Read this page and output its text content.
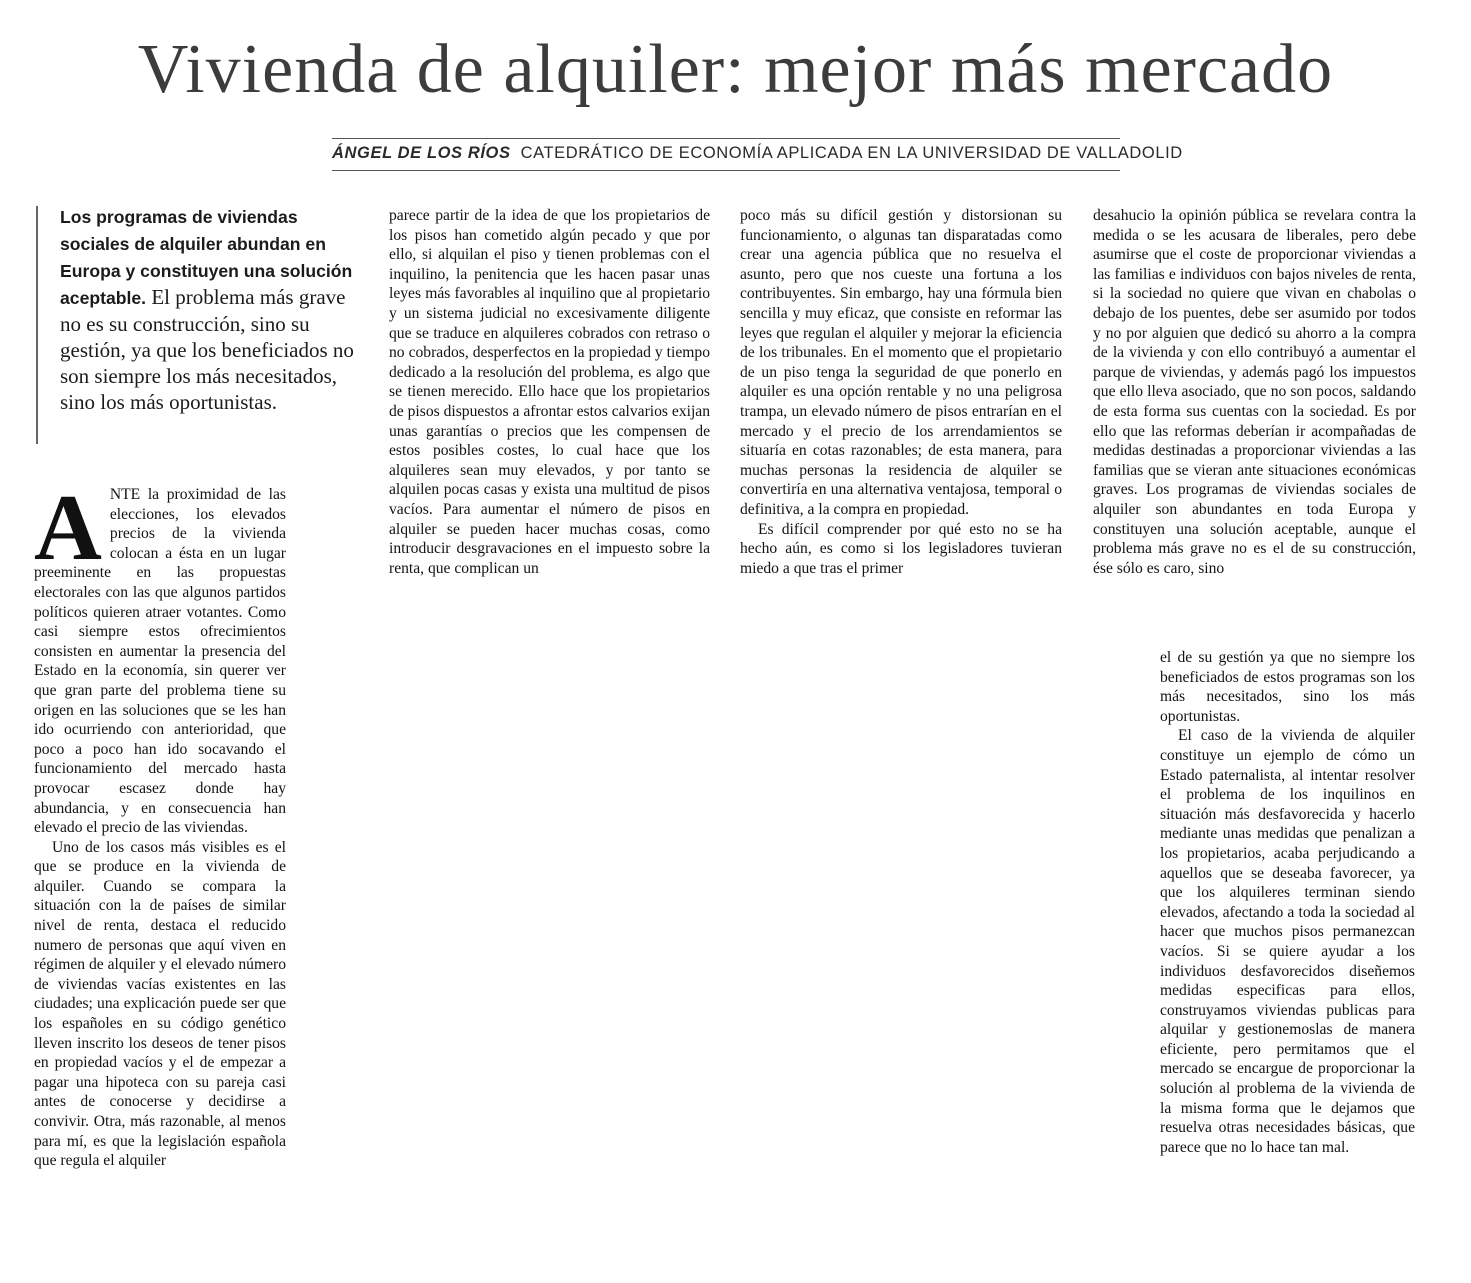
Vivienda de alquiler: mejor más mercado
ÁNGEL DE LOS RÍOS CATEDRÁTICO DE ECONOMÍA APLICADA EN LA UNIVERSIDAD DE VALLADOLID
Los programas de viviendas sociales de alquiler abundan en Europa y constituyen una solución aceptable. El problema más grave no es su construcción, sino su gestión, ya que los beneficiados no son siempre los más necesitados, sino los más oportunistas.

ANTE la proximidad de las elecciones, los elevados precios de la vivienda colocan a ésta en un lugar preeminente en las propuestas electorales con las que algunos partidos políticos quieren atraer votantes. Como casi siempre estos ofrecimientos consisten en aumentar la presencia del Estado en la economía, sin querer ver que gran parte del problema tiene su origen en las soluciones que se les han ido ocurriendo con anterioridad, que poco a poco han ido socavando el funcionamiento del mercado hasta provocar escasez donde hay abundancia, y en consecuencia han elevado el precio de las viviendas.

Uno de los casos más visibles es el que se produce en la vivienda de alquiler. Cuando se compara la situación con la de países de similar nivel de renta, destaca el reducido numero de personas que aquí viven en régimen de alquiler y el elevado número de viviendas vacías existentes en las ciudades; una explicación puede ser que los españoles en su código genético lleven inscrito los deseos de tener pisos en propiedad vacíos y el de empezar a pagar una hipoteca con su pareja casi antes de conocerse y decidirse a convivir. Otra, más razonable, al menos para mí, es que la legislación española que regula el alquiler

parece partir de la idea de que los propietarios de los pisos han cometido algún pecado y que por ello, si alquilan el piso y tienen problemas con el inquilino, la penitencia que les hacen pasar unas leyes más favorables al inquilino que al propietario y un sistema judicial no excesivamente diligente que se traduce en alquileres cobrados con retraso o no cobrados, desperfectos en la propiedad y tiempo dedicado a la resolución del problema, es algo que se tienen merecido. Ello hace que los propietarios de pisos dispuestos a afrontar estos calvarios exijan unas garantías o precios que les compensen de estos posibles costes, lo cual hace que los alquileres sean muy elevados, y por tanto se alquilen pocas casas y exista una multitud de pisos vacíos. Para aumentar el número de pisos en alquiler se pueden hacer muchas cosas, como introducir desgravaciones en el impuesto sobre la renta, que complican un

poco más su difícil gestión y distorsionan su funcionamiento, o algunas tan disparatadas como crear una agencia pública que no resuelva el asunto, pero que nos cueste una fortuna a los contribuyentes. Sin embargo, hay una fórmula bien sencilla y muy eficaz, que consiste en reformar las leyes que regulan el alquiler y mejorar la eficiencia de los tribunales. En el momento que el propietario de un piso tenga la seguridad de que ponerlo en alquiler es una opción rentable y no una peligrosa trampa, un elevado número de pisos entrarían en el mercado y el precio de los arrendamientos se situaría en cotas razonables; de esta manera, para muchas personas la residencia de alquiler se convertiría en una alternativa ventajosa, temporal o definitiva, a la compra en propiedad.

Es difícil comprender por qué esto no se ha hecho aún, es como si los legisladores tuvieran miedo a que tras el primer

desahucio la opinión pública se revelara contra la medida o se les acusara de liberales, pero debe asumirse que el coste de proporcionar viviendas a las familias e individuos con bajos niveles de renta, si la sociedad no quiere que vivan en chabolas o debajo de los puentes, debe ser asumido por todos y no por alguien que dedicó su ahorro a la compra de la vivienda y con ello contribuyó a aumentar el parque de viviendas, y además pagó los impuestos que ello lleva asociado, que no son pocos, saldando de esta forma sus cuentas con la sociedad. Es por ello que las reformas deberían ir acompañadas de medidas destinadas a proporcionar viviendas a las familias que se vieran ante situaciones económicas graves. Los programas de viviendas sociales de alquiler son abundantes en toda Europa y constituyen una solución aceptable, aunque el problema más grave no es el de su construcción, ése sólo es caro, sino

el de su gestión ya que no siempre los beneficiados de estos programas son los más necesitados, sino los más oportunistas.

El caso de la vivienda de alquiler constituye un ejemplo de cómo un Estado paternalista, al intentar resolver el problema de los inquilinos en situación más desfavorecida y hacerlo mediante unas medidas que penalizan a los propietarios, acaba perjudicando a aquellos que se deseaba favorecer, ya que los alquileres terminan siendo elevados, afectando a toda la sociedad al hacer que muchos pisos permanezcan vacíos. Si se quiere ayudar a los individuos desfavorecidos diseñemos medidas especificas para ellos, construyamos viviendas publicas para alquilar y gestionemoslas de manera eficiente, pero permitamos que el mercado se encargue de proporcionar la solución al problema de la vivienda de la misma forma que le dejamos que resuelva otras necesidades básicas, que parece que no lo hace tan mal.
